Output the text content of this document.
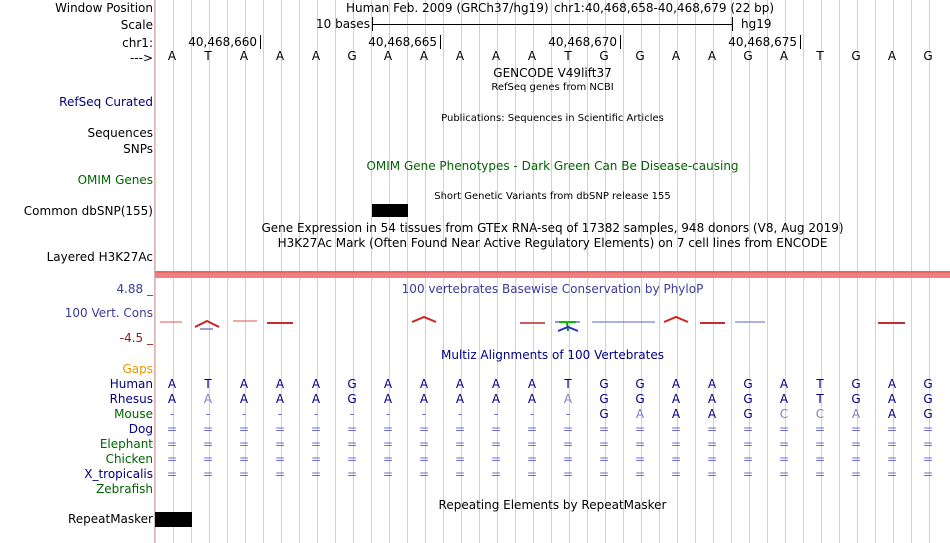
Window Position	Human Feb. 2009 (GRCh37/hg19) chr1:40,468,658-40,468,679 (22 bp)
Scale	10 bases	hg19
chr1:	40,468,660	40,468,665	40,468,670	40,468,675
--->	A	T	A	A	A	G	A	A	A	A	A	T	G	G	A	A	G	A	T	G	A	G
GENCODE V49lift37
RefSeq genes from NCBI
RefSeq Curated
Publications: Sequences in Scientific Articles
Sequences
SNPs
OMIM Gene Phenotypes - Dark Green Can Be Disease-causing
OMIM Genes
Short Genetic Variants from dbSNP release 155
Common dbSNP(155)
Gene Expression in 54 tissues from GTEx RNA-seq of 17382 samples, 948 donors (V8, Aug 2019)
H3K27Ac Mark (Often Found Near Active Regulatory Elements) on 7 cell lines from ENCODE
Layered H3K27Ac
4.88 _	100 vertebrates Basewise Conservation by PhyloP
100 Vert. Cons
-4.5 _
Multiz Alignments of 100 Vertebrates
Gaps
Human	A	T	A	A	A	G	A	A	A	A	A	T	G	G	A	A	G	A	T	G	A	G
Rhesus	A	A	A	A	A	G	A	A	A	A	A	A	G	G	A	A	G	A	T	G	A	G
Mouse	-	-	-	-	-	-	-	-	-	-	-	-	G	A	A	A	G	C	C	A	A	G
Dog	=	=	=	=	=	=	=	=	=	=	=	=	=	=	=	=	=	=	=	=	=	=
Elephant	=	=	=	=	=	=	=	=	=	=	=	=	=	=	=	=	=	=	=	=	=	=
Chicken	=	=	=	=	=	=	=	=	=	=	=	=	=	=	=	=	=	=	=	=	=	=
X_tropicalis	=	=	=	=	=	=	=	=	=	=	=	=	=	=	=	=	=	=	=	=	=	=
Zebrafish
Repeating Elements by RepeatMasker
RepeatMasker
